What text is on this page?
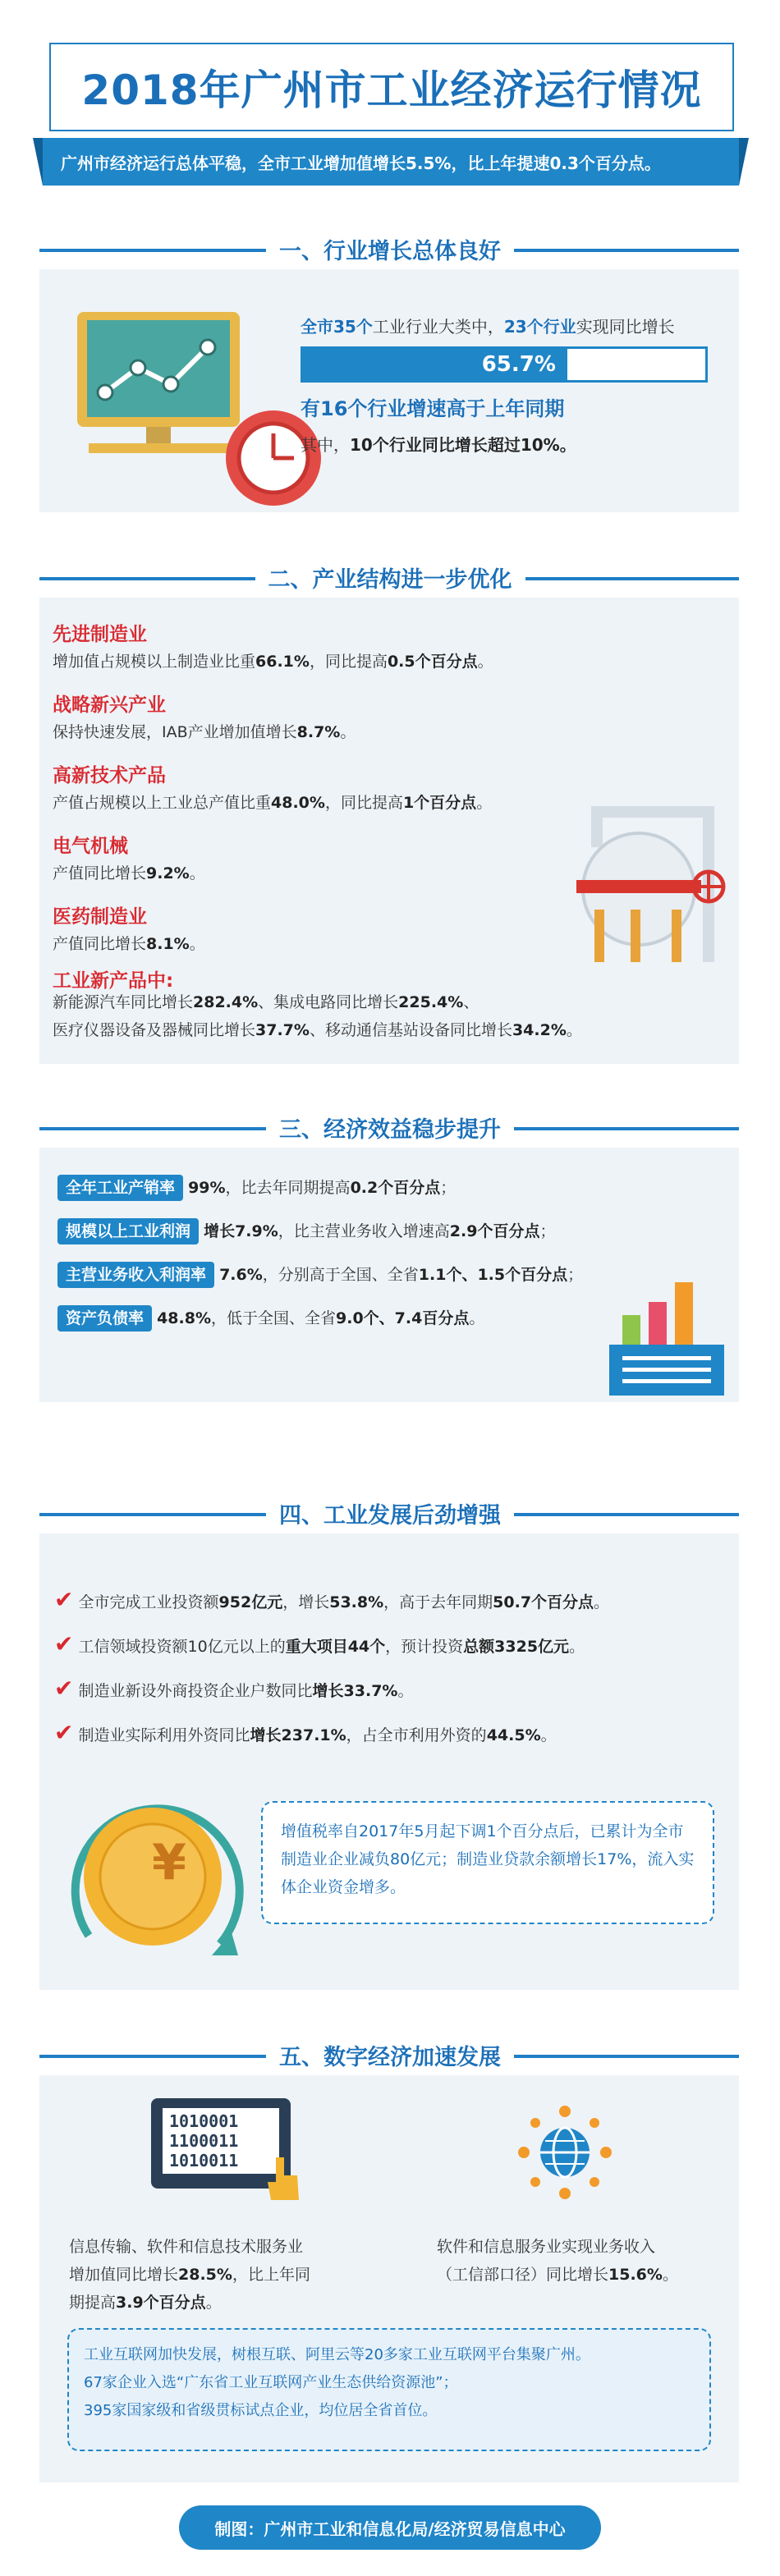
2018年广州市工业经济运行情况
广州市经济运行总体平稳，全市工业增加值增长5.5%，比上年提速0.3个百分点。
一、行业增长总体良好
全市35个工业行业大类中，23个行业实现同比增长
65.7%
有16个行业增速高于上年同期
其中，10个行业同比增长超过10%。
二、产业结构进一步优化
先进制造业
增加值占规模以上制造业比重66.1%，同比提高0.5个百分点。
战略新兴产业
保持快速发展，IAB产业增加值增长8.7%。
高新技术产品
产值占规模以上工业总产值比重48.0%，同比提高1个百分点。
电气机械
产值同比增长9.2%。
医药制造业
产值同比增长8.1%。
工业新产品中:
新能源汽车同比增长282.4%、集成电路同比增长225.4%、
医疗仪器设备及器械同比增长37.7%、移动通信基站设备同比增长34.2%。
三、经济效益稳步提升
全年工业产销率 99%，比去年同期提高0.2个百分点；
规模以上工业利润 增长7.9%，比主营业务收入增速高2.9个百分点；
主营业务收入利润率 7.6%，分别高于全国、全省1.1个、1.5个百分点；
资产负债率 48.8%，低于全国、全省9.0个、7.4百分点。
四、工业发展后劲增强
✔ 全市完成工业投资额952亿元，增长53.8%，高于去年同期50.7个百分点。
✔ 工信领域投资额10亿元以上的重大项目44个，预计投资总额3325亿元。
✔ 制造业新设外商投资企业户数同比增长33.7%。
✔ 制造业实际利用外资同比增长237.1%，占全市利用外资的44.5%。
¥
增值税率自2017年5月起下调1个百分点后，已累计为全市制造业企业减负80亿元；制造业贷款余额增长17%，流入实体企业资金增多。
五、数字经济加速发展
1010001
1100011
1010011
信息传输、软件和信息技术服务业
增加值同比增长28.5%，比上年同
期提高3.9个百分点。
软件和信息服务业实现业务收入
（工信部口径）同比增长15.6%。
工业互联网加快发展，树根互联、阿里云等20多家工业互联网平台集聚广州。
67家企业入选“广东省工业互联网产业生态供给资源池”；
395家国家级和省级贯标试点企业，均位居全省首位。
制图：广州市工业和信息化局/经济贸易信息中心
